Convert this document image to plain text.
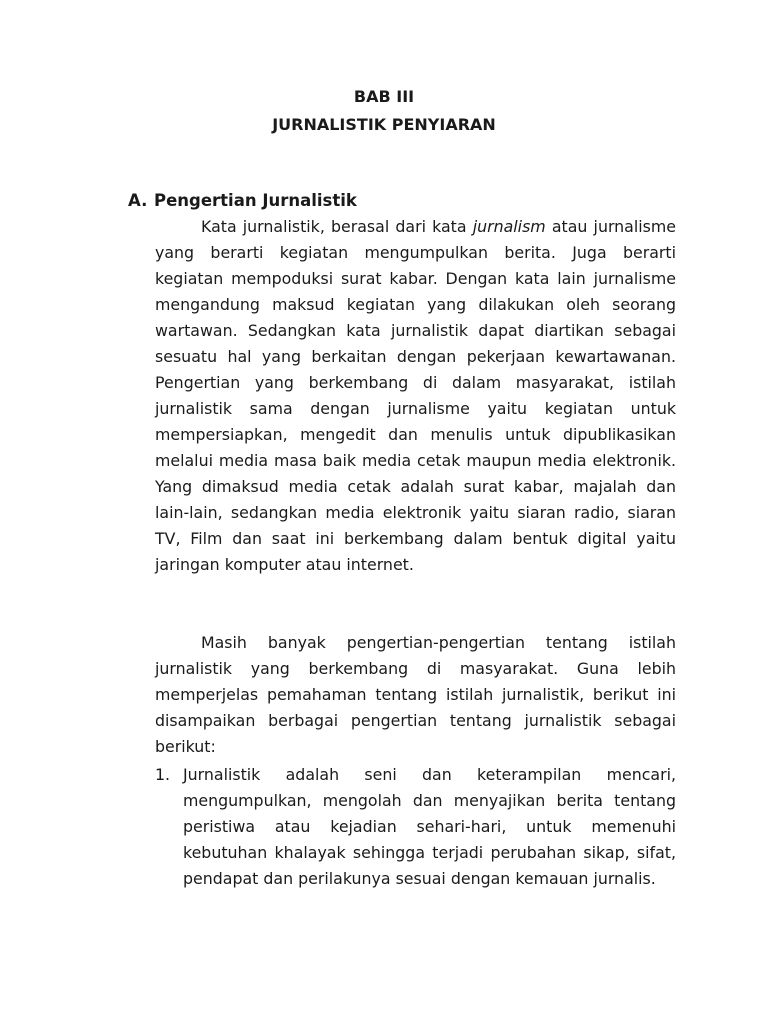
BAB III
JURNALISTIK PENYIARAN
A. Pengertian Jurnalistik

Kata jurnalistik, berasal dari kata jurnalism atau jurnalisme yang berarti kegiatan mengumpulkan berita. Juga berarti kegiatan mempoduksi surat kabar. Dengan kata lain jurnalisme mengandung maksud kegiatan yang dilakukan oleh seorang wartawan. Sedangkan kata jurnalistik dapat diartikan sebagai sesuatu hal yang berkaitan dengan pekerjaan kewartawanan. Pengertian yang berkembang di dalam masyarakat, istilah jurnalistik sama dengan jurnalisme yaitu kegiatan untuk mempersiapkan, mengedit dan menulis untuk dipublikasikan melalui media masa baik media cetak maupun media elektronik. Yang dimaksud media cetak adalah surat kabar, majalah dan lain-lain, sedangkan media elektronik yaitu siaran radio, siaran TV, Film dan saat ini berkembang dalam bentuk digital yaitu jaringan komputer atau internet.

Masih banyak pengertian-pengertian tentang istilah jurnalistik yang berkembang di masyarakat. Guna lebih memperjelas pemahaman tentang istilah jurnalistik, berikut ini disampaikan berbagai pengertian tentang jurnalistik sebagai berikut:

1. Jurnalistik adalah seni dan keterampilan mencari, mengumpulkan, mengolah dan menyajikan berita tentang peristiwa atau kejadian sehari-hari, untuk memenuhi kebutuhan khalayak sehingga terjadi perubahan sikap, sifat, pendapat dan perilakunya sesuai dengan kemauan jurnalis.
